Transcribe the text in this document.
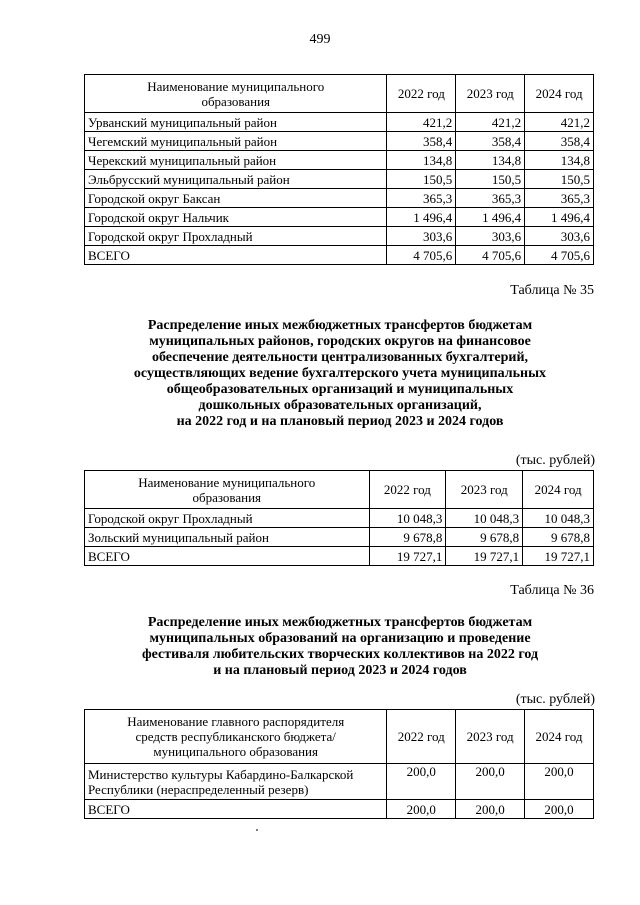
499
Наименование муниципального образования	2022 год	2023 год	2024 год
Урванский муниципальный район	421,2	421,2	421,2
Чегемский муниципальный район	358,4	358,4	358,4
Черекский муниципальный район	134,8	134,8	134,8
Эльбрусский муниципальный район	150,5	150,5	150,5
Городской округ Баксан	365,3	365,3	365,3
Городской округ Нальчик	1 496,4	1 496,4	1 496,4
Городской округ Прохладный	303,6	303,6	303,6
ВСЕГО	4 705,6	4 705,6	4 705,6
Таблица № 35
Распределение иных межбюджетных трансфертов бюджетам
муниципальных районов, городских округов на финансовое
обеспечение деятельности централизованных бухгалтерий,
осуществляющих ведение бухгалтерского учета муниципальных
общеобразовательных организаций и муниципальных
дошкольных образовательных организаций,
на 2022 год и на плановый период 2023 и 2024 годов
(тыс. рублей)
Наименование муниципального образования	2022 год	2023 год	2024 год
Городской округ Прохладный	10 048,3	10 048,3	10 048,3
Зольский муниципальный район	9 678,8	9 678,8	9 678,8
ВСЕГО	19 727,1	19 727,1	19 727,1
Таблица № 36
Распределение иных межбюджетных трансфертов бюджетам
муниципальных образований на организацию и проведение
фестиваля любительских творческих коллективов на 2022 год
и на плановый период 2023 и 2024 годов
(тыс. рублей)
Наименование главного распорядителя средств республиканского бюджета/ муниципального образования	2022 год	2023 год	2024 год
Министерство культуры Кабардино-Балкарской Республики (нераспределенный резерв)	200,0	200,0	200,0
ВСЕГО	200,0	200,0	200,0
